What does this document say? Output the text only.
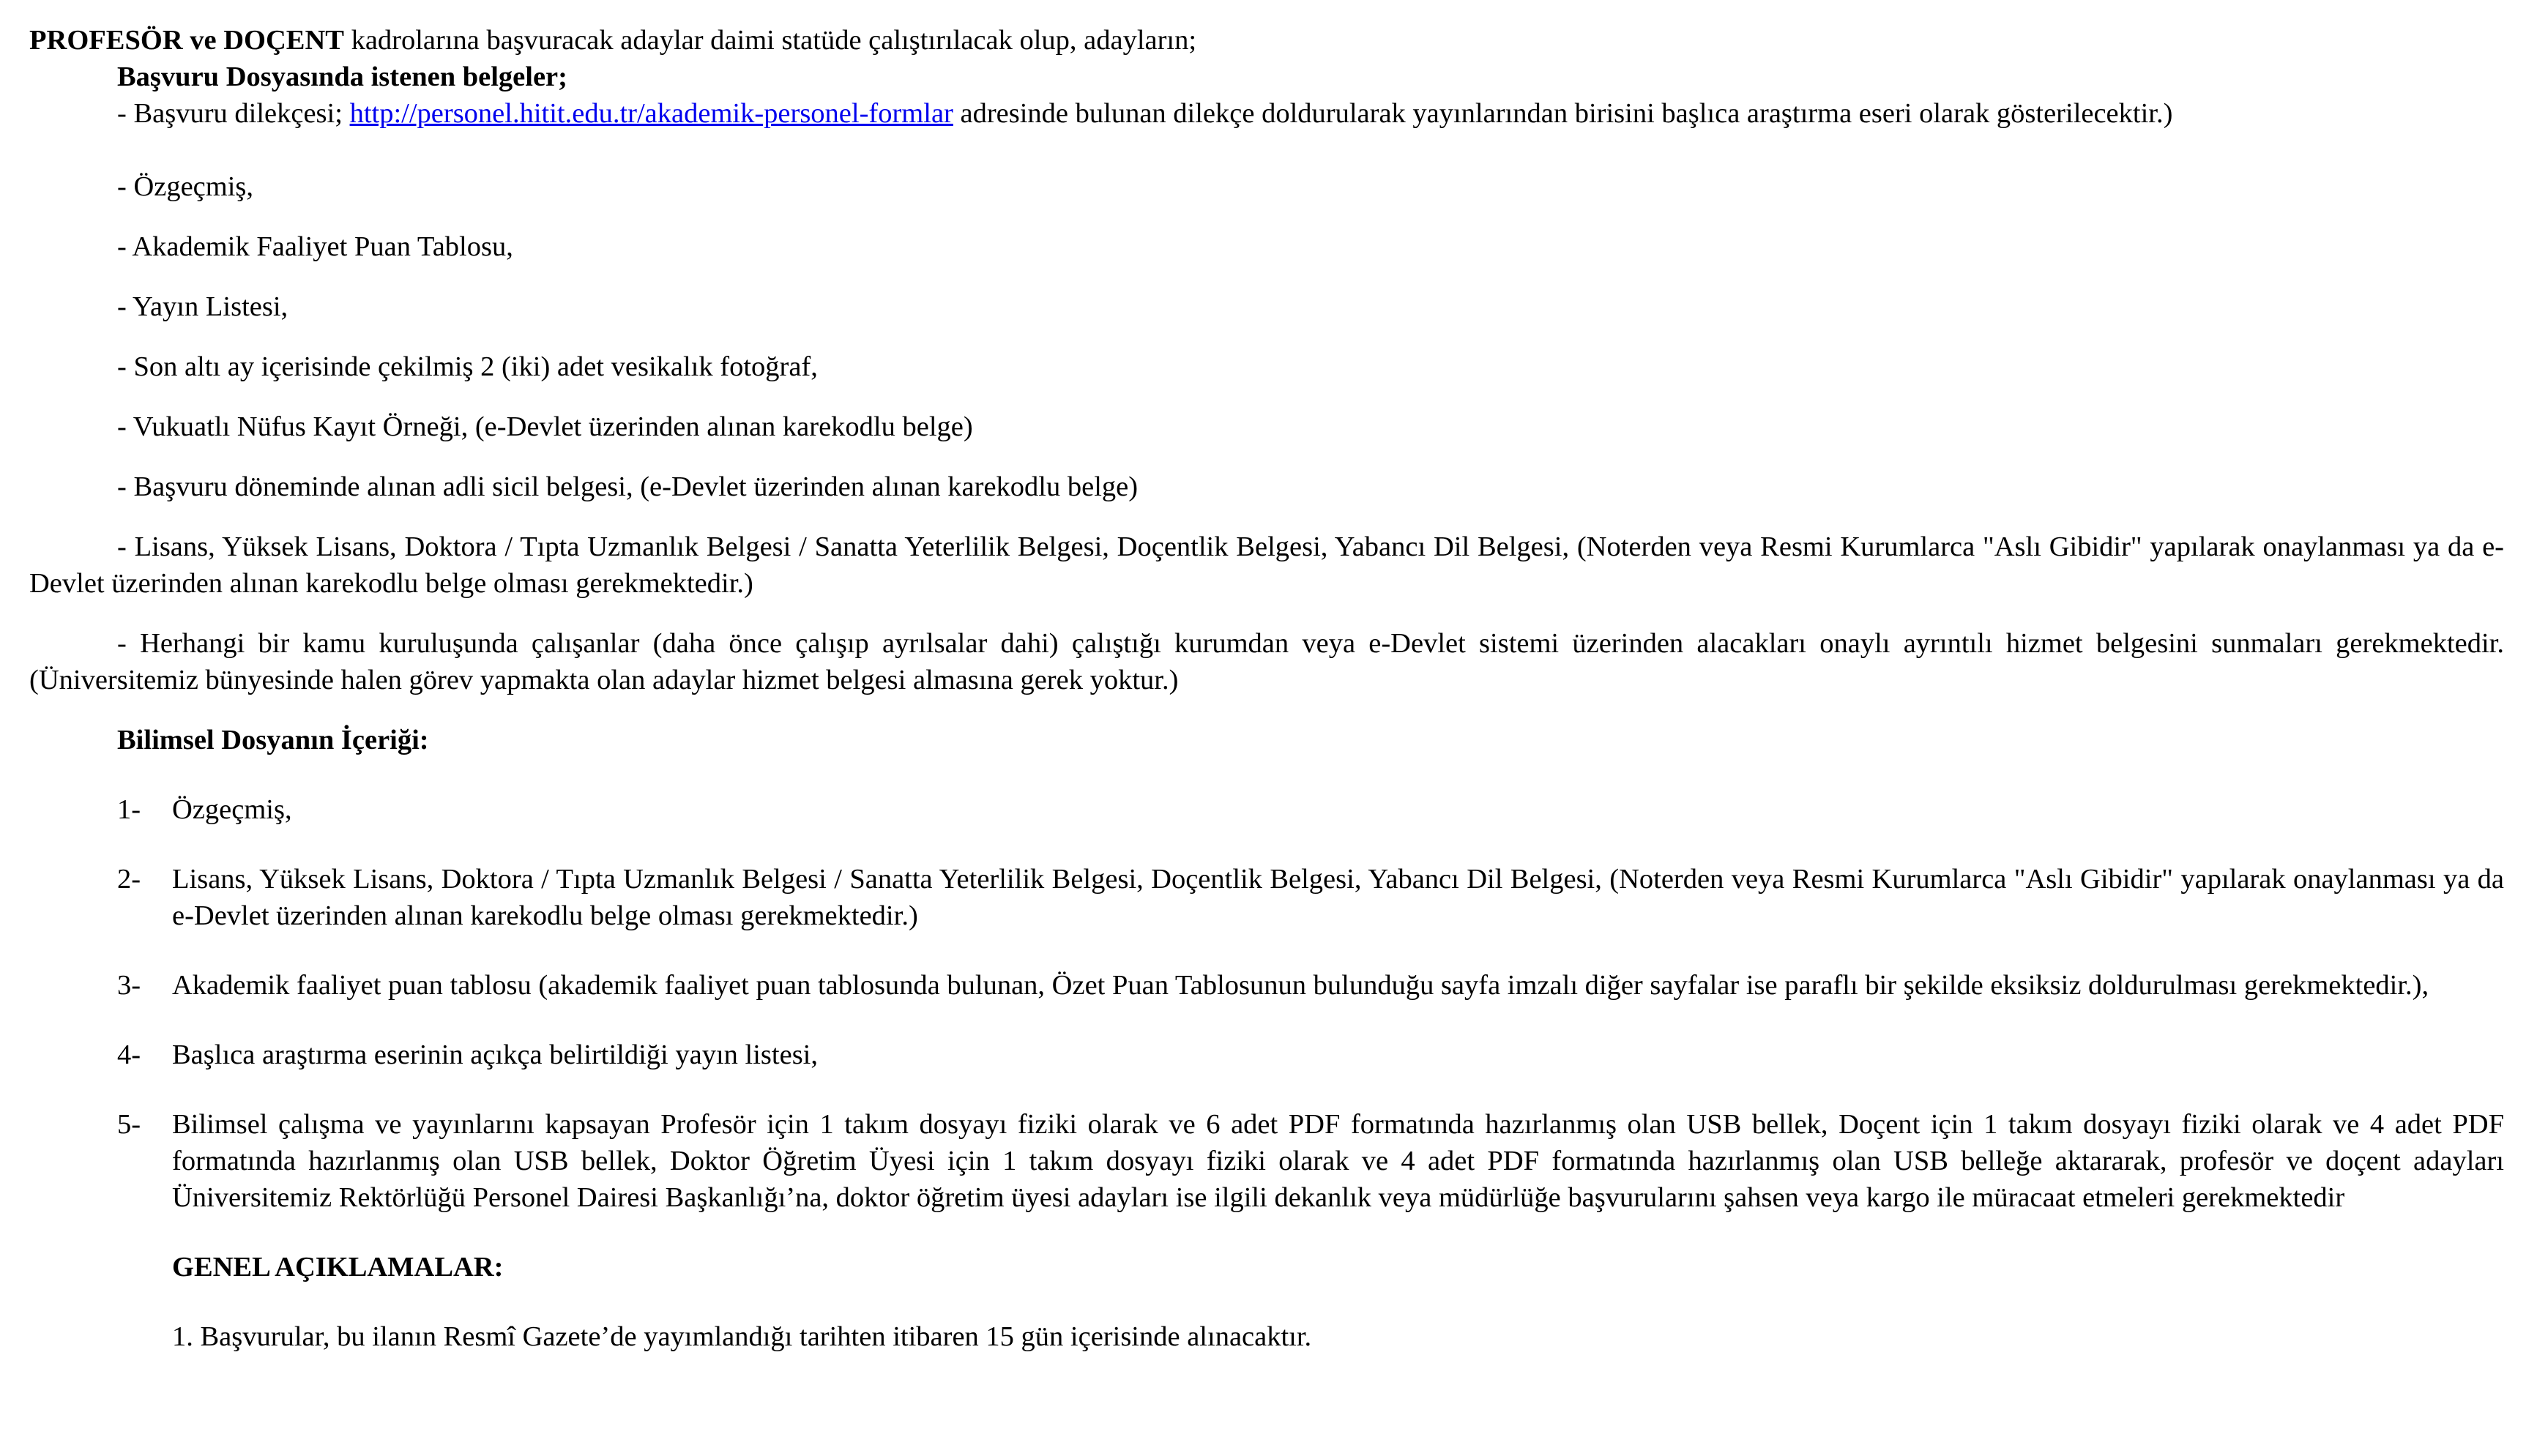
PROFESÖR ve DOÇENT kadrolarına başvuracak adaylar daimi statüde çalıştırılacak olup, adayların;

Başvuru Dosyasında istenen belgeler;

- Başvuru dilekçesi; http://personel.hitit.edu.tr/akademik-personel-formlar adresinde bulunan dilekçe doldurularak yayınlarından birisini başlıca araştırma eseri olarak gösterilecektir.)

- Özgeçmiş,

- Akademik Faaliyet Puan Tablosu,

- Yayın Listesi,

- Son altı ay içerisinde çekilmiş 2 (iki) adet vesikalık fotoğraf,

- Vukuatlı Nüfus Kayıt Örneği, (e-Devlet üzerinden alınan karekodlu belge)

- Başvuru döneminde alınan adli sicil belgesi, (e-Devlet üzerinden alınan karekodlu belge)

- Lisans, Yüksek Lisans, Doktora / Tıpta Uzmanlık Belgesi / Sanatta Yeterlilik Belgesi, Doçentlik Belgesi, Yabancı Dil Belgesi, (Noterden veya Resmi Kurumlarca "Aslı Gibidir" yapılarak onaylanması ya da e-Devlet üzerinden alınan karekodlu belge olması gerekmektedir.)

- Herhangi bir kamu kuruluşunda çalışanlar (daha önce çalışıp ayrılsalar dahi) çalıştığı kurumdan veya e-Devlet sistemi üzerinden alacakları onaylı ayrıntılı hizmet belgesini sunmaları gerekmektedir. (Üniversitemiz bünyesinde halen görev yapmakta olan adaylar hizmet belgesi almasına gerek yoktur.)

Bilimsel Dosyanın İçeriği:

1-	Özgeçmiş,
2-	Lisans, Yüksek Lisans, Doktora / Tıpta Uzmanlık Belgesi / Sanatta Yeterlilik Belgesi, Doçentlik Belgesi, Yabancı Dil Belgesi, (Noterden veya Resmi Kurumlarca "Aslı Gibidir" yapılarak onaylanması ya da e-Devlet üzerinden alınan karekodlu belge olması gerekmektedir.)
3-	Akademik faaliyet puan tablosu (akademik faaliyet puan tablosunda bulunan, Özet Puan Tablosunun bulunduğu sayfa imzalı diğer sayfalar ise paraflı bir şekilde eksiksiz doldurulması gerekmektedir.),
4-	Başlıca araştırma eserinin açıkça belirtildiği yayın listesi,
5-	Bilimsel çalışma ve yayınlarını kapsayan Profesör için 1 takım dosyayı fiziki olarak ve 6 adet PDF formatında hazırlanmış olan USB bellek, Doçent için 1 takım dosyayı fiziki olarak ve 4 adet PDF formatında hazırlanmış olan USB bellek, Doktor Öğretim Üyesi için 1 takım dosyayı fiziki olarak ve 4 adet PDF formatında hazırlanmış olan USB belleğe aktararak, profesör ve doçent adayları Üniversitemiz Rektörlüğü Personel Dairesi Başkanlığı’na, doktor öğretim üyesi adayları ise ilgili dekanlık veya müdürlüğe başvurularını şahsen veya kargo ile müracaat etmeleri gerekmektedir

GENEL AÇIKLAMALAR:

1. Başvurular, bu ilanın Resmî Gazete’de yayımlandığı tarihten itibaren 15 gün içerisinde alınacaktır.
